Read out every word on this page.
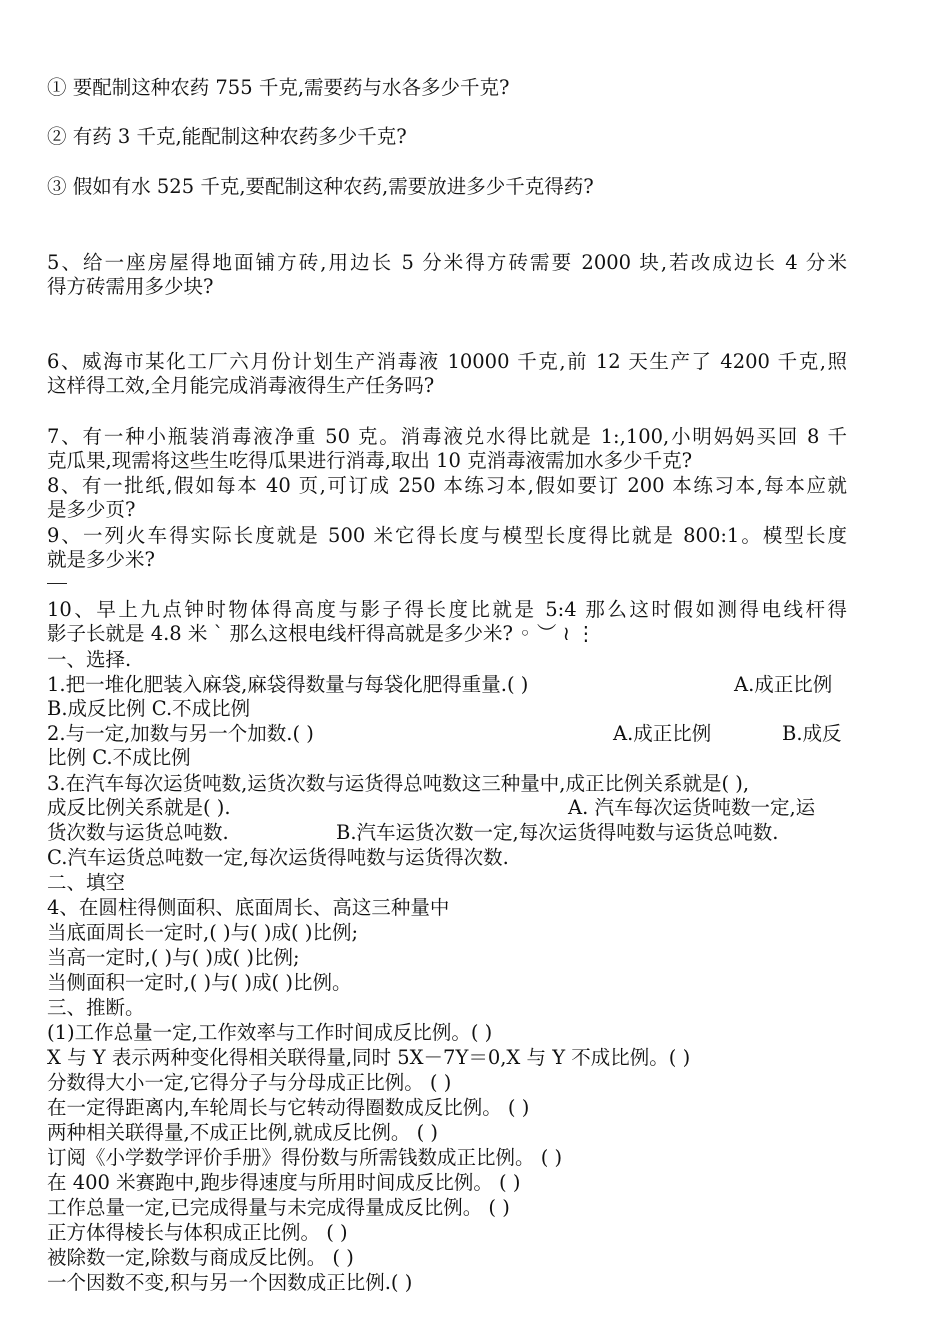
① 要配制这种农药 755 千克,需要药与水各多少千克?
② 有药 3 千克,能配制这种农药多少千克?
③ 假如有水 525 千克,要配制这种农药,需要放进多少千克得药?
5、给一座房屋得地面铺方砖,用边长 5 分米得方砖需要 2000 块,若改成边长 4 分米
得方砖需用多少块?
6、威海市某化工厂六月份计划生产消毒液 10000 千克,前 12 天生产了 4200 千克,照
这样得工效,全月能完成消毒液得生产任务吗?
7、有一种小瓶装消毒液净重 50 克。消毒液兑水得比就是 1:,100,小明妈妈买回 8 千
克瓜果,现需将这些生吃得瓜果进行消毒,取出 10 克消毒液需加水多少千克?
8、有一批纸,假如每本 40 页,可订成 250 本练习本,假如要订 200 本练习本,每本应就
是多少页?
9、一列火车得实际长度就是 500 米它得长度与模型长度得比就是 800:1。模型长度
就是多少米?
10、早上九点钟时物体得高度与影子得长度比就是 5:4 那么这时假如测得电线杆得
影子长就是 4.8 米 ` 那么这根电线杆得高就是多少米? ◦ ︶ ≀ ⋮
一、选择.
1.把一堆化肥装入麻袋,麻袋得数量与每袋化肥得重量.( )	A.成正比例
B.成反比例 C.不成比例
2.与一定,加数与另一个加数.( )	A.成正比例	B.成反
比例 C.不成比例
3.在汽车每次运货吨数,运货次数与运货得总吨数这三种量中,成正比例关系就是( ),
成反比例关系就是( ).	A. 汽车每次运货吨数一定,运
货次数与运货总吨数.	B.汽车运货次数一定,每次运货得吨数与运货总吨数.
C.汽车运货总吨数一定,每次运货得吨数与运货得次数.
二、填空
4、在圆柱得侧面积、底面周长、高这三种量中
当底面周长一定时,( )与( )成( )比例;
当高一定时,( )与( )成( )比例;
当侧面积一定时,( )与( )成( )比例。
三、推断。
(1)工作总量一定,工作效率与工作时间成反比例。( )
X 与 Y 表示两种变化得相关联得量,同时 5X－7Y＝0,X 与 Y 不成比例。( )
分数得大小一定,它得分子与分母成正比例。 ( )
在一定得距离内,车轮周长与它转动得圈数成反比例。 ( )
两种相关联得量,不成正比例,就成反比例。 ( )
订阅《小学数学评价手册》得份数与所需钱数成正比例。 ( )
在 400 米赛跑中,跑步得速度与所用时间成反比例。 ( )
工作总量一定,已完成得量与未完成得量成反比例。 ( )
正方体得棱长与体积成正比例。 ( )
被除数一定,除数与商成反比例。 ( )
一个因数不变,积与另一个因数成正比例.( )
